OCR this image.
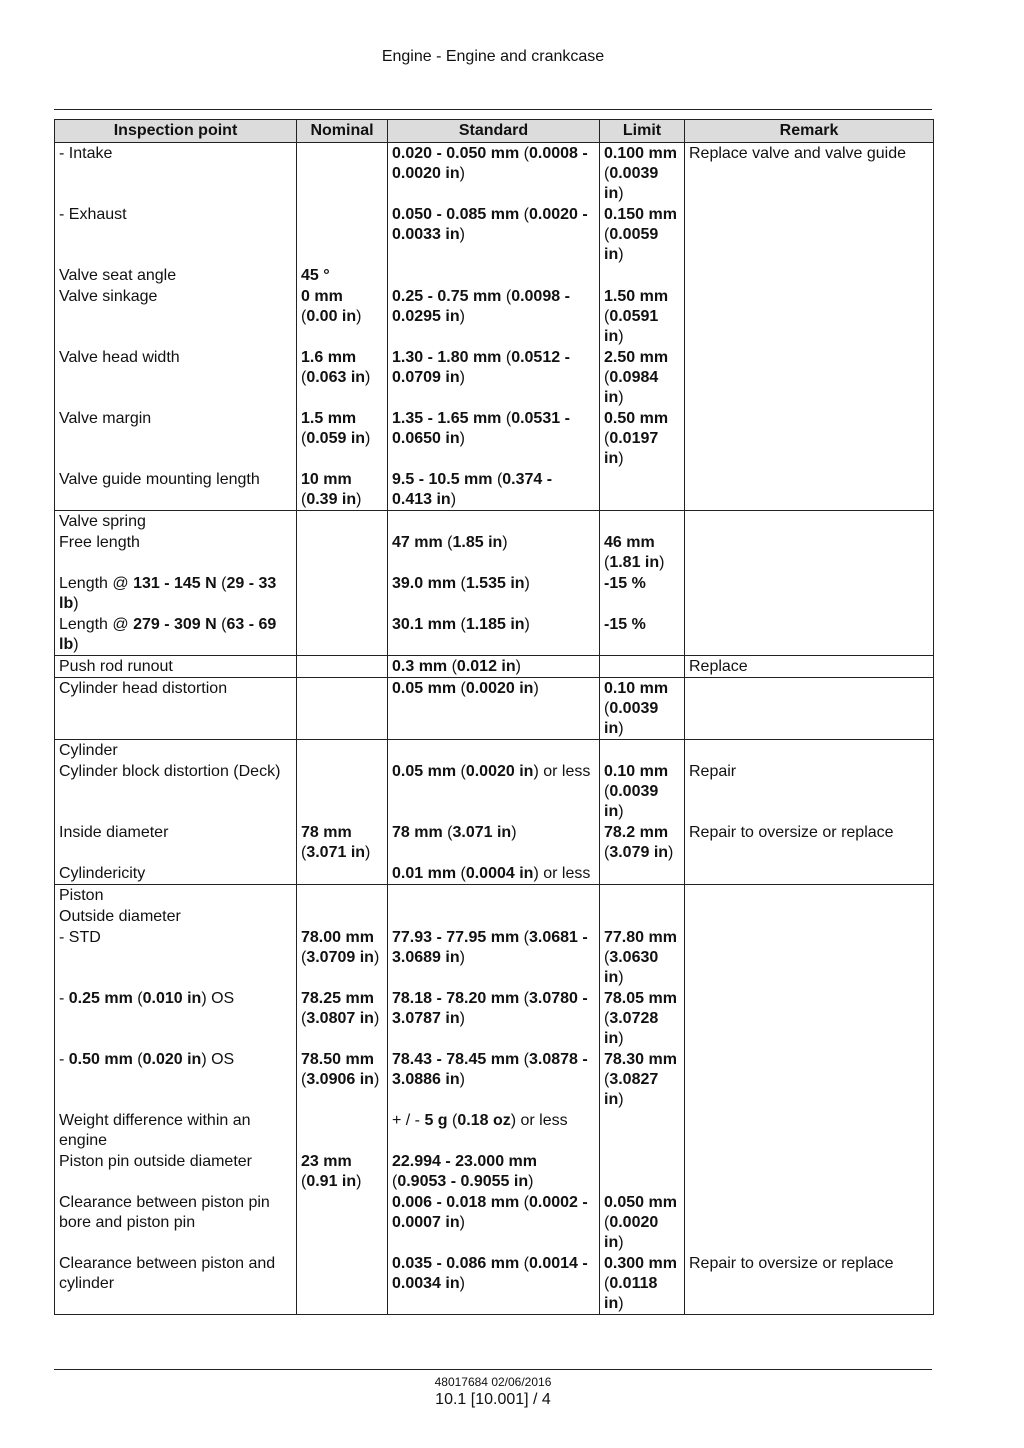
Engine - Engine and crankcase
Inspection point	Nominal	Standard	Limit	Remark
- Intake		0.020 - 0.050 mm (0.0008 - 0.0020 in)	0.100 mm (0.0039 in)	Replace valve and valve guide
- Exhaust		0.050 - 0.085 mm (0.0020 - 0.0033 in)	0.150 mm (0.0059 in)	
Valve seat angle	45 °			
Valve sinkage	0 mm (0.00 in)	0.25 - 0.75 mm (0.0098 - 0.0295 in)	1.50 mm (0.0591 in)	
Valve head width	1.6 mm (0.063 in)	1.30 - 1.80 mm (0.0512 - 0.0709 in)	2.50 mm (0.0984 in)	
Valve margin	1.5 mm (0.059 in)	1.35 - 1.65 mm (0.0531 - 0.0650 in)	0.50 mm (0.0197 in)	
Valve guide mounting length	10 mm (0.39 in)	9.5 - 10.5 mm (0.374 - 0.413 in)		
Valve spring				
Free length		47 mm (1.85 in)	46 mm (1.81 in)	
Length @ 131 - 145 N (29 - 33 lb)		39.0 mm (1.535 in)	-15 %	
Length @ 279 - 309 N (63 - 69 lb)		30.1 mm (1.185 in)	-15 %	
Push rod runout		0.3 mm (0.012 in)		Replace
Cylinder head distortion		0.05 mm (0.0020 in)	0.10 mm (0.0039 in)	
Cylinder				
Cylinder block distortion (Deck)		0.05 mm (0.0020 in) or less	0.10 mm (0.0039 in)	Repair
Inside diameter	78 mm (3.071 in)	78 mm (3.071 in)	78.2 mm (3.079 in)	Repair to oversize or replace
Cylindericity		0.01 mm (0.0004 in) or less		
Piston				
Outside diameter				
- STD	78.00 mm (3.0709 in)	77.93 - 77.95 mm (3.0681 - 3.0689 in)	77.80 mm (3.0630 in)	
- 0.25 mm (0.010 in) OS	78.25 mm (3.0807 in)	78.18 - 78.20 mm (3.0780 - 3.0787 in)	78.05 mm (3.0728 in)	
- 0.50 mm (0.020 in) OS	78.50 mm (3.0906 in)	78.43 - 78.45 mm (3.0878 - 3.0886 in)	78.30 mm (3.0827 in)	
Weight difference within an engine		+ / - 5 g (0.18 oz) or less		
Piston pin outside diameter	23 mm (0.91 in)	22.994 - 23.000 mm (0.9053 - 0.9055 in)		
Clearance between piston pin bore and piston pin		0.006 - 0.018 mm (0.0002 - 0.0007 in)	0.050 mm (0.0020 in)	
Clearance between piston and cylinder		0.035 - 0.086 mm (0.0014 - 0.0034 in)	0.300 mm (0.0118 in)	Repair to oversize or replace
48017684 02/06/2016
10.1 [10.001] / 4
